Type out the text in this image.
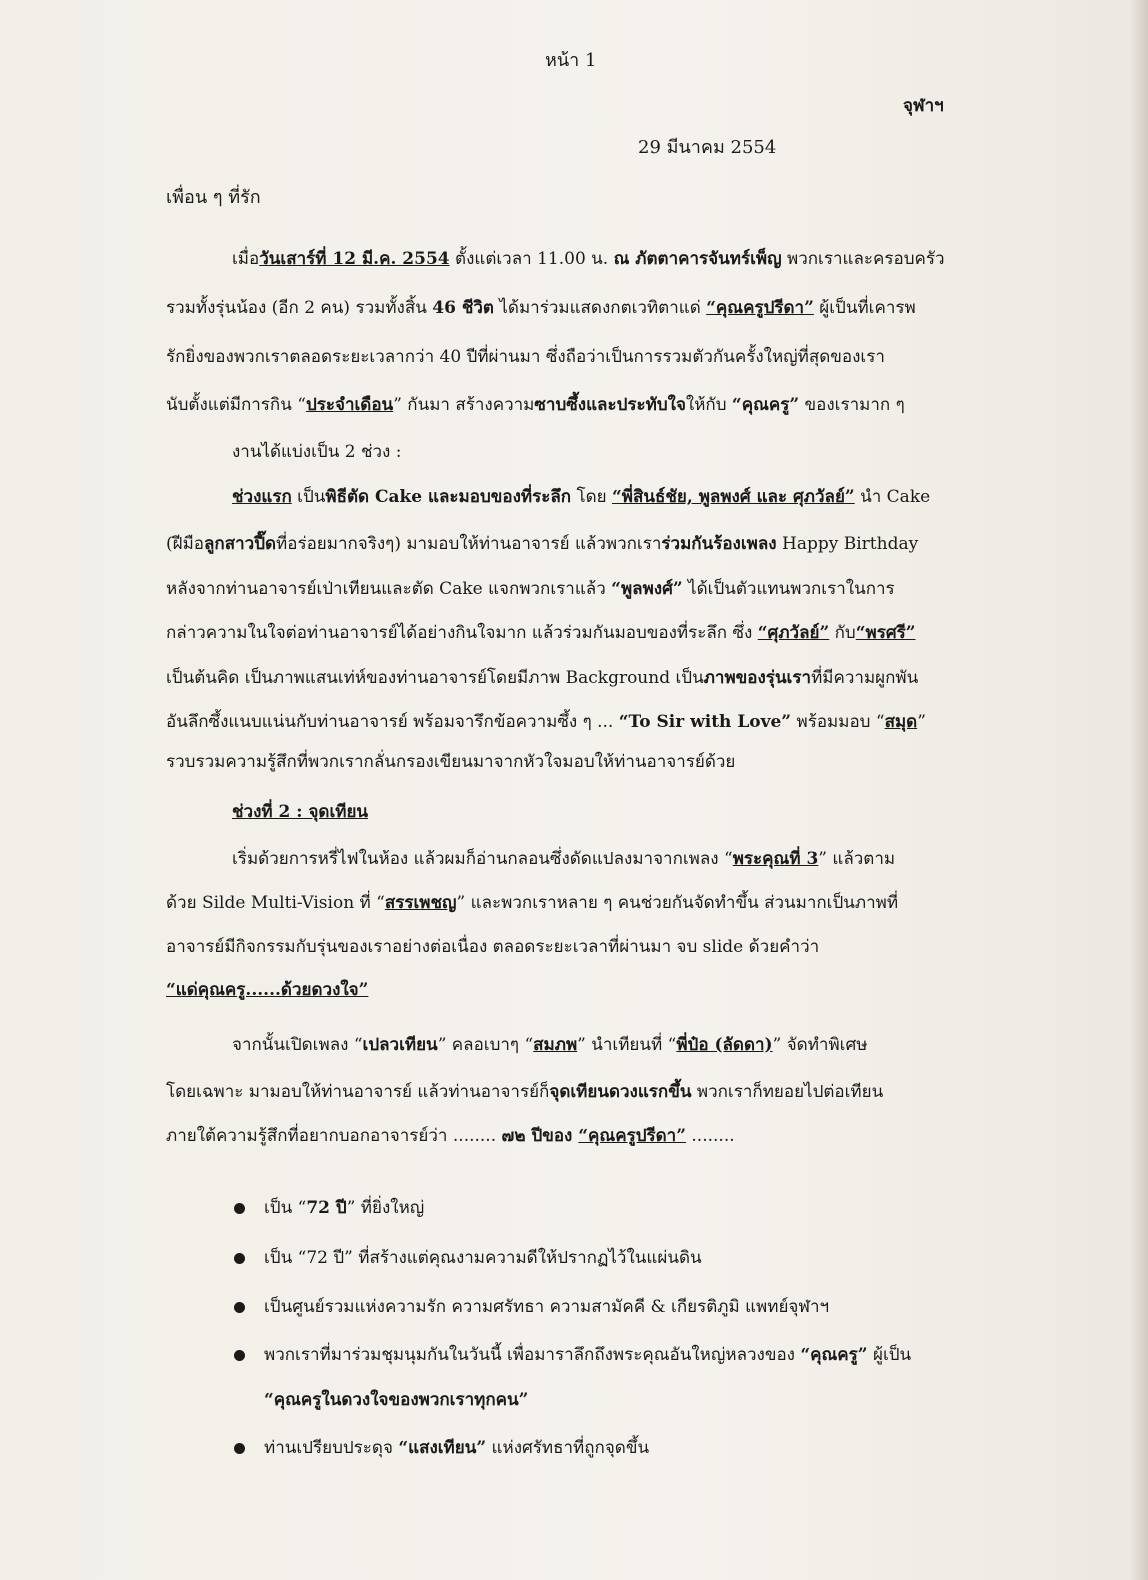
หน้า 1
จุฬาฯ
29 มีนาคม 2554
เพื่อน ๆ ที่รัก
เมื่อวันเสาร์ที่ 12 มี.ค. 2554 ตั้งแต่เวลา 11.00 น. ณ ภัตตาคารจันทร์เพ็ญ พวกเราและครอบครัว
รวมทั้งรุ่นน้อง (อีก 2 คน) รวมทั้งสิ้น 46 ชีวิต ได้มาร่วมแสดงกตเวทิตาแด่ “คุณครูปรีดา” ผู้เป็นที่เคารพ
รักยิ่งของพวกเราตลอดระยะเวลากว่า 40 ปีที่ผ่านมา ซึ่งถือว่าเป็นการรวมตัวกันครั้งใหญ่ที่สุดของเรา
นับตั้งแต่มีการกิน “ประจำเดือน” กันมา สร้างความซาบซึ้งและประทับใจให้กับ “คุณครู” ของเรามาก ๆ
งานได้แบ่งเป็น 2 ช่วง :
ช่วงแรก เป็นพิธีตัด Cake และมอบของที่ระลึก โดย “พี่สินธ์ชัย, พูลพงศ์ และ ศุภวัลย์” นำ Cake
(ฝีมือลูกสาวปี๊ดที่อร่อยมากจริงๆ) มามอบให้ท่านอาจารย์ แล้วพวกเราร่วมกันร้องเพลง Happy Birthday
หลังจากท่านอาจารย์เป่าเทียนและตัด Cake แจกพวกเราแล้ว “พูลพงศ์” ได้เป็นตัวแทนพวกเราในการ
กล่าวความในใจต่อท่านอาจารย์ได้อย่างกินใจมาก แล้วร่วมกันมอบของที่ระลึก ซึ่ง “ศุภวัลย์” กับ“พรศรี”
เป็นต้นคิด เป็นภาพแสนเท่ห์ของท่านอาจารย์โดยมีภาพ Background เป็นภาพของรุ่นเราที่มีความผูกพัน
อันลึกซึ้งแนบแน่นกับท่านอาจารย์ พร้อมจารึกข้อความซึ้ง ๆ ... “To Sir with Love” พร้อมมอบ “สมุด”
รวบรวมความรู้สึกที่พวกเรากลั่นกรองเขียนมาจากหัวใจมอบให้ท่านอาจารย์ด้วย
ช่วงที่ 2 : จุดเทียน
เริ่มด้วยการหรี่ไฟในห้อง แล้วผมก็อ่านกลอนซึ่งดัดแปลงมาจากเพลง “พระคุณที่ 3” แล้วตาม
ด้วย Silde Multi-Vision ที่ “สรรเพชญ” และพวกเราหลาย ๆ คนช่วยกันจัดทำขึ้น ส่วนมากเป็นภาพที่
อาจารย์มีกิจกรรมกับรุ่นของเราอย่างต่อเนื่อง ตลอดระยะเวลาที่ผ่านมา จบ slide ด้วยคำว่า
“แด่คุณครู......ด้วยดวงใจ”
จากนั้นเปิดเพลง “เปลวเทียน” คลอเบาๆ “สมภพ” นำเทียนที่ “พี่ป๋อ (ลัดดา)” จัดทำพิเศษ
โดยเฉพาะ มามอบให้ท่านอาจารย์ แล้วท่านอาจารย์ก็จุดเทียนดวงแรกขึ้น พวกเราก็ทยอยไปต่อเทียน
ภายใต้ความรู้สึกที่อยากบอกอาจารย์ว่า ........ ๗๒ ปีของ “คุณครูปรีดา” ........
เป็น “72 ปี” ที่ยิ่งใหญ่
เป็น “72 ปี” ที่สร้างแต่คุณงามความดีให้ปรากฏไว้ในแผ่นดิน
เป็นศูนย์รวมแห่งความรัก ความศรัทธา ความสามัคคี & เกียรติภูมิ แพทย์จุฬาฯ
พวกเราที่มาร่วมชุมนุมกันในวันนี้ เพื่อมาราลึกถึงพระคุณอันใหญ่หลวงของ “คุณครู” ผู้เป็น
“คุณครูในดวงใจของพวกเราทุกคน”
ท่านเปรียบประดุจ “แสงเทียน” แห่งศรัทธาที่ถูกจุดขึ้น
